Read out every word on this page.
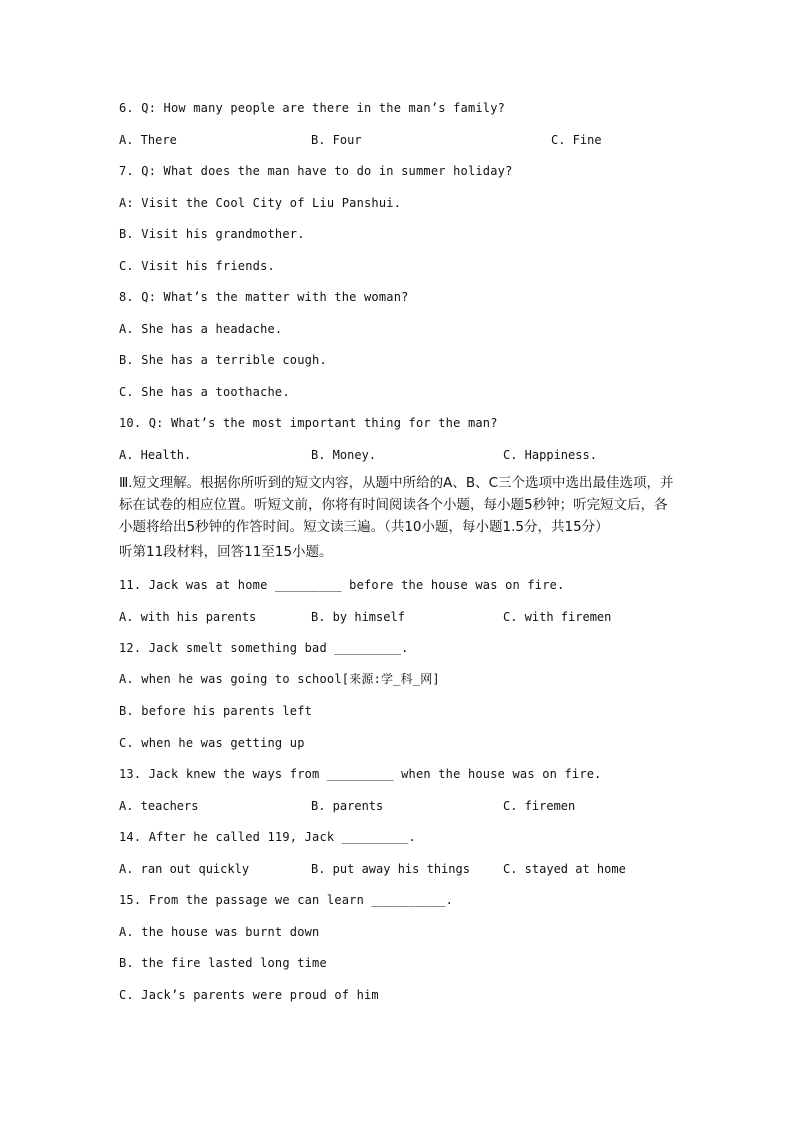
6. Q: How many people are there in the man’s family?
A. There	B. Four	C. Fine
7. Q: What does the man have to do in summer holiday?
A: Visit the Cool City of Liu Panshui.
B. Visit his grandmother.
C. Visit his friends.
8. Q: What’s the matter with the woman?
A. She has a headache.
B. She has a terrible cough.
C. She has a toothache.
10. Q: What’s the most important thing for the man?
A. Health.	B. Money.	C. Happiness.
Ⅲ.短文理解。根据你所听到的短文内容，从题中所给的A、B、C三个选项中选出最佳选项，并标在试卷的相应位置。听短文前，你将有时间阅读各个小题，每小题5秒钟；听完短文后，各小题将给出5秒钟的作答时间。短文读三遍。（共10小题，每小题1.5分，共15分）
听第11段材料，回答11至15小题。
11. Jack was at home _________ before the house was on fire.
A. with his parents	B. by himself	C. with firemen
12. Jack smelt something bad _________.
A. when he was going to school[来源:学_科_网]
B. before his parents left
C. when he was getting up
13. Jack knew the ways from _________ when the house was on fire.
A. teachers	B. parents	C. firemen
14. After he called 119, Jack _________.
A. ran out quickly	B. put away his things	C. stayed at home
15. From the passage we can learn __________.
A. the house was burnt down
B. the fire lasted long time
C. Jack’s parents were proud of him
